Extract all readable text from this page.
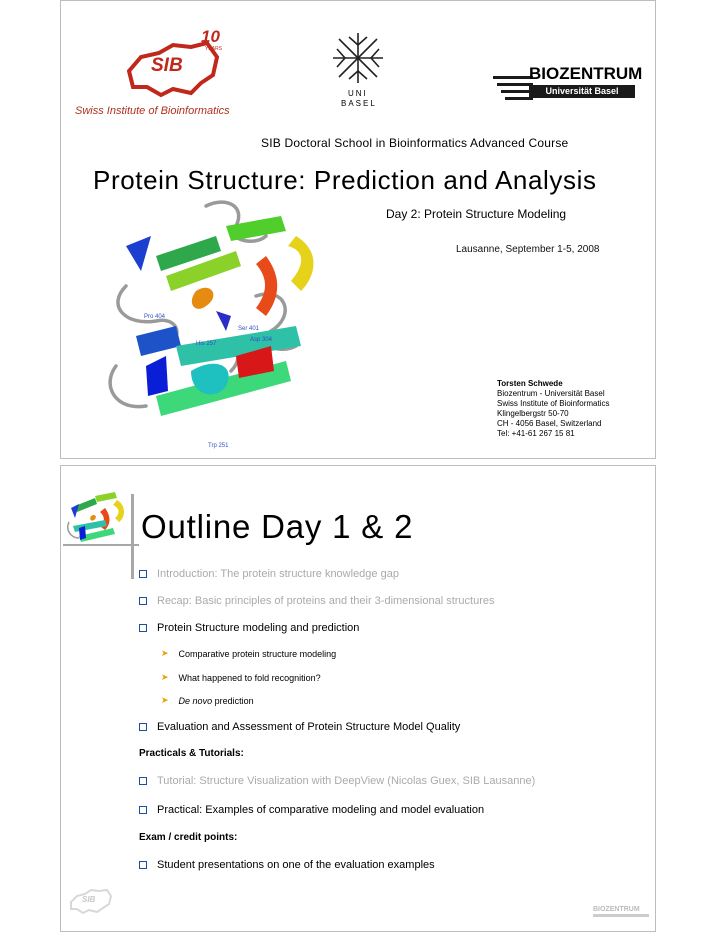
SIB
10
YEARS
Swiss Institute of Bioinformatics
UNI
BASEL
BIOZENTRUM
Universität Basel
SIB Doctoral School in Bioinformatics Advanced Course
Protein Structure: Prediction and Analysis
Day 2: Protein Structure Modeling
Lausanne, September 1-5, 2008
Pro 404
Ser 401
Asp 304
His 257
Trp 251
Torsten Schwede
Biozentrum - Universität Basel
Swiss Institute of Bioinformatics
Klingelbergstr 50-70
CH - 4056 Basel, Switzerland
Tel: +41-61 267 15 81
Outline Day 1 & 2
Introduction: The protein structure knowledge gap
Recap: Basic principles of proteins and their 3-dimensional structures
Protein Structure modeling and prediction
➤ Comparative protein structure modeling
➤ What happened to fold recognition?
➤ De novo prediction
Evaluation and Assessment of Protein Structure Model Quality
Practicals & Tutorials:
Tutorial: Structure Visualization with DeepView (Nicolas Guex, SIB Lausanne)
Practical: Examples of comparative modeling and model evaluation
Exam / credit points:
Student presentations on one of the evaluation examples
SIB
BIOZENTRUM
